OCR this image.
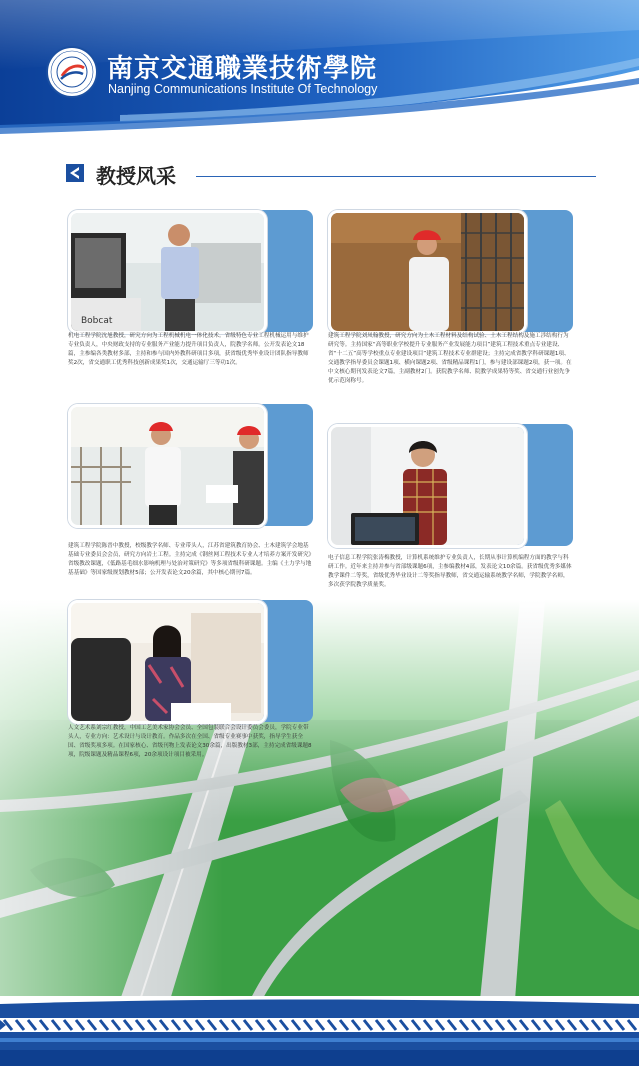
南京交通職業技術學院
Nanjing Communications Institute Of Technology
教授风采
Bobcat
机电工程学院沈旭教授，研究方向为工程机械机电一体化技术。省级特色专业工程机械运用与维护专业负责人，中央财政支持的专业服务产业能力提升项目负责人，院教学名师。公开发表论文18篇，主参编各类教材多部，主持和参与国内外教科研项目多项，获省级优秀毕业设计团队指导教师奖2次，省交通职工优秀科技创新成果奖1次，交通运输厅三等功1次。
建筑工程学院刘凤翰教授，研究方向为土木工程材料及结构试验、土木工程结构及施工涉结构行为研究等。主持国家“高等职业学校提升专业服务产业发展能力项目”建筑工程技术重点专业建设、省“十二五”高等学校重点专业建设项目”建筑工程技术专业群建设；主持完成省教学科研课题1项、交通教学指导委员会课题1项、横向课题2项、省级精品课程1门，参与建设部课题2项，获一项。在中文核心期刊发表论文7篇，主副教材2门。获院教学名师、院教学成果特等奖、省交通行业创先争优示范岗称号。
建筑工程学院陈晋中教授，校级教学名师、专业带头人，江苏省建筑教育协会、土木建筑学会地基基础专业委员会会员，研究方向岩土工程。主持完成《钢丝网工程技术专业人才培养方案开发研究》省级教改课题，《低路基毛细水影响机理与处治对策研究》等多项省级科研课题。主编《土力学与地基基础》等国家级规划教材5部；公开发表论文20余篇，其中核心期刊7篇。
电子信息工程学院张涛梅教授，计算机系统维护专业负责人，长期从事计算机编程方面的教学与科研工作。近年来主持并参与省部级课题6项，主参编教材4部，发表论文10余篇。获省级优秀多媒体教学课件二等奖，省级优秀毕业设计二等奖指导教师，省交通运输系统教学名师，学院教学名师，多次获学院教学质量奖。
人文艺术系刘宗红教授，中国工艺美术家协会会员、全国包装联合会设计委员会委员，学院专业带头人，专业方向：艺术设计与设计教育。作品多次在全国、省级专业赛事中获奖，指导学生获全国、省级奖项多项。在国家核心、省级刊物上发表论文30余篇，出版教材3部，主持完成省级课题8项，院级课题及精品课程6项，20余项设计项目被采用。
